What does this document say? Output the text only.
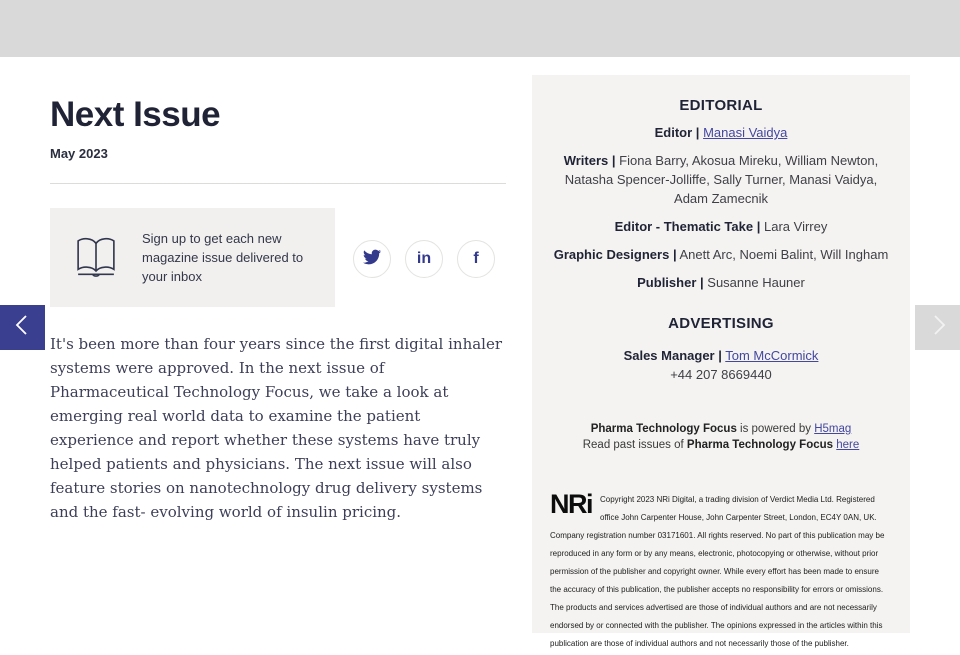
Next Issue
May 2023
Sign up to get each new magazine issue delivered to your inbox
in	f
It's been more than four years since the first digital inhaler systems were approved. In the next issue of Pharmaceutical Technology Focus, we take a look at emerging real world data to examine the patient experience and report whether these systems have truly helped patients and physicians. The next issue will also feature stories on nanotechnology drug delivery systems and the fast- evolving world of insulin pricing.
EDITORIAL
Editor | Manasi Vaidya
Writers | Fiona Barry, Akosua Mireku, William Newton, Natasha Spencer-Jolliffe, Sally Turner, Manasi Vaidya, Adam Zamecnik
Editor - Thematic Take | Lara Virrey
Graphic Designers | Anett Arc, Noemi Balint, Will Ingham
Publisher | Susanne Hauner
ADVERTISING
Sales Manager | Tom McCormick
+44 207 8669440
Pharma Technology Focus is powered by H5mag
Read past issues of Pharma Technology Focus here
NRi Copyright 2023 NRi Digital, a trading division of Verdict Media Ltd. Registered office John Carpenter House, John Carpenter Street, London, EC4Y 0AN, UK. Company registration number 03171601. All rights reserved. No part of this publication may be reproduced in any form or by any means, electronic, photocopying or otherwise, without prior permission of the publisher and copyright owner. While every effort has been made to ensure the accuracy of this publication, the publisher accepts no responsibility for errors or omissions. The products and services advertised are those of individual authors and are not necessarily endorsed by or connected with the publisher. The opinions expressed in the articles within this publication are those of individual authors and not necessarily those of the publisher.
